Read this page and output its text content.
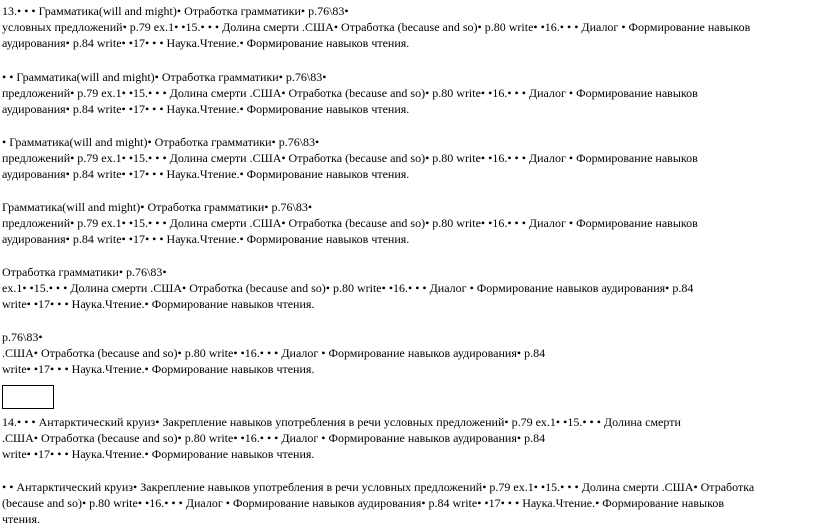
13.• • • Грамматика(will and might)• Отработка грамматики• p.76\83•
условных предложений• p.79 ex.1• •15.• • • Долина смерти .США• Отработка (because and so)• p.80 write• •16.• • • Диалог • Формирование навыков
аудирования• p.84 write• •17• • • Наука.Чтение.• Формирование навыков чтения.
• • Грамматика(will and might)• Отработка грамматики• p.76\83•
предложений• p.79 ex.1• •15.• • • Долина смерти .США• Отработка (because and so)• p.80 write• •16.• • • Диалог • Формирование навыков
аудирования• p.84 write• •17• • • Наука.Чтение.• Формирование навыков чтения.
• Грамматика(will and might)• Отработка грамматики• p.76\83•
предложений• p.79 ex.1• •15.• • • Долина смерти .США• Отработка (because and so)• p.80 write• •16.• • • Диалог • Формирование навыков
аудирования• p.84 write• •17• • • Наука.Чтение.• Формирование навыков чтения.
Грамматика(will and might)• Отработка грамматики• p.76\83•
предложений• p.79 ex.1• •15.• • • Долина смерти .США• Отработка (because and so)• p.80 write• •16.• • • Диалог • Формирование навыков
аудирования• p.84 write• •17• • • Наука.Чтение.• Формирование навыков чтения.
Отработка грамматики• p.76\83•
ex.1• •15.• • • Долина смерти .США• Отработка (because and so)• p.80 write• •16.• • • Диалог • Формирование навыков аудирования• p.84
write• •17• • • Наука.Чтение.• Формирование навыков чтения.
p.76\83•
.США• Отработка (because and so)• p.80 write• •16.• • • Диалог • Формирование навыков аудирования• p.84
write• •17• • • Наука.Чтение.• Формирование навыков чтения.
14.• • • Антарктический круиз• Закрепление навыков употребления в речи условных предложений• p.79 ex.1• •15.• • • Долина смерти
.США• Отработка (because and so)• p.80 write• •16.• • • Диалог • Формирование навыков аудирования• p.84
write• •17• • • Наука.Чтение.• Формирование навыков чтения.
• • Антарктический круиз• Закрепление навыков употребления в речи условных предложений• p.79 ex.1• •15.• • • Долина смерти .США• Отработка
(because and so)• p.80 write• •16.• • • Диалог • Формирование навыков аудирования• p.84 write• •17• • • Наука.Чтение.• Формирование навыков
чтения.
